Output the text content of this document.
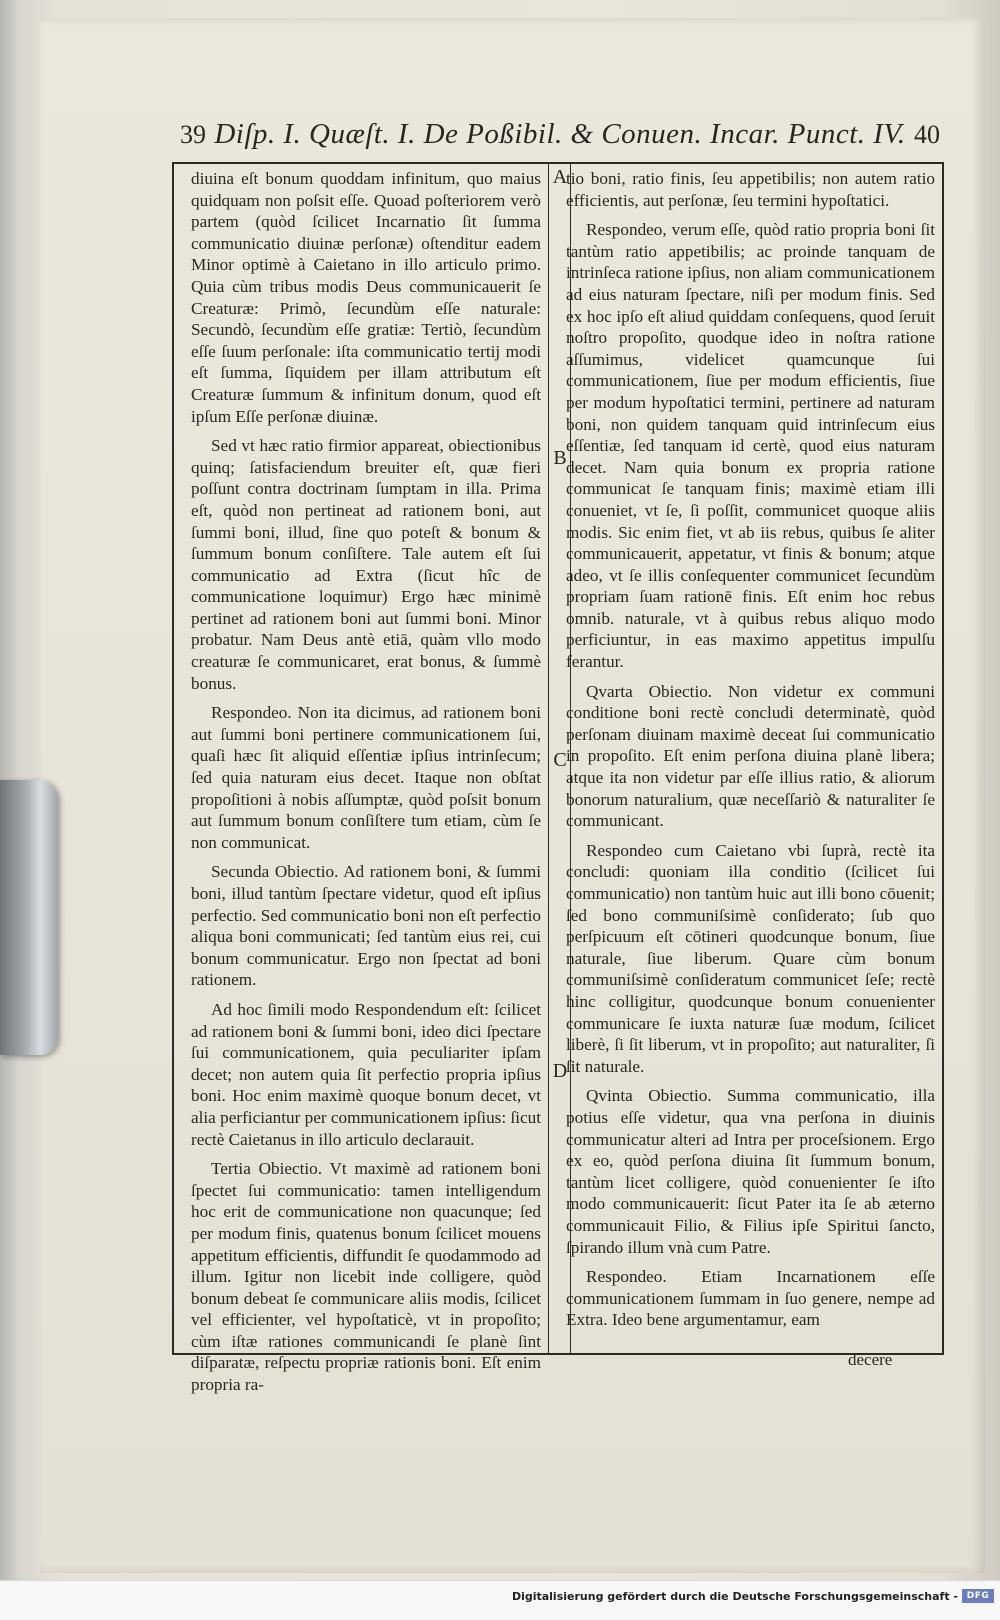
39 Diſp. I. Quæſt. I. De Poßibil. & Conuen. Incar. Punct. IV. 40
A
B
C
D

diuina eſt bonum quoddam infinitum, quo maius quidquam non poſsit eſſe. Quoad poſteriorem verò partem (quòd ſcilicet Incarnatio ſit ſumma communicatio diuinæ perſonæ) oſtenditur eadem Minor optimè à Caietano in illo articulo primo. Quia cùm tribus modis Deus communicauerit ſe Creaturæ: Primò, ſecundùm eſſe naturale: Secundò, ſecundùm eſſe gratiæ: Tertiò, ſecundùm eſſe ſuum perſonale: iſta communicatio tertij modi eſt ſumma, ſiquidem per illam attributum eſt Creaturæ ſummum & infinitum donum, quod eſt ipſum Eſſe perſonæ diuinæ.

Sed vt hæc ratio firmior appareat, obiectionibus quinq; ſatisfaciendum breuiter eſt, quæ fieri poſſunt contra doctrinam ſumptam in illa. Prima eſt, quòd non pertineat ad rationem boni, aut ſummi boni, illud, ſine quo poteſt & bonum & ſummum bonum conſiſtere. Tale autem eſt ſui communicatio ad Extra (ſicut hîc de communicatione loquimur) Ergo hæc minimè pertinet ad rationem boni aut ſummi boni. Minor probatur. Nam Deus antè etiā, quàm vllo modo creaturæ ſe communicaret, erat bonus, & ſummè bonus.

Respondeo. Non ita dicimus, ad rationem boni aut ſummi boni pertinere communicationem ſui, quaſi hæc ſit aliquid eſſentiæ ipſius intrinſecum; ſed quia naturam eius decet. Itaque non obſtat propoſitioni à nobis aſſumptæ, quòd poſsit bonum aut ſummum bonum conſiſtere tum etiam, cùm ſe non communicat.

Secunda Obiectio. Ad rationem boni, & ſummi boni, illud tantùm ſpectare videtur, quod eſt ipſius perfectio. Sed communicatio boni non eſt perfectio aliqua boni communicati; ſed tantùm eius rei, cui bonum communicatur. Ergo non ſpectat ad boni rationem.

Ad hoc ſimili modo Respondendum eſt: ſcilicet ad rationem boni & ſummi boni, ideo dici ſpectare ſui communicationem, quia peculiariter ipſam decet; non autem quia ſit perfectio propria ipſius boni. Hoc enim maximè quoque bonum decet, vt alia perficiantur per communicationem ipſius: ſicut rectè Caietanus in illo articulo declarauit.

Tertia Obiectio. Vt maximè ad rationem boni ſpectet ſui communicatio: tamen intelligendum hoc erit de communicatione non quacunque; ſed per modum finis, quatenus bonum ſcilicet mouens appetitum efficientis, diffundit ſe quodammodo ad illum. Igitur non licebit inde colligere, quòd bonum debeat ſe communicare aliis modis, ſcilicet vel efficienter, vel hypoſtaticè, vt in propoſito; cùm iſtæ rationes communicandi ſe planè ſint diſparatæ, reſpectu propriæ rationis boni. Eſt enim propria ra-

tio boni, ratio finis, ſeu appetibilis; non autem ratio efficientis, aut perſonæ, ſeu termini hypoſtatici.

Respondeo, verum eſſe, quòd ratio propria boni ſit tantùm ratio appetibilis; ac proinde tanquam de intrinſeca ratione ipſius, non aliam communicationem ad eius naturam ſpectare, niſi per modum finis. Sed ex hoc ipſo eſt aliud quiddam conſequens, quod ſeruit noſtro propoſito, quodque ideo in noſtra ratione aſſumimus, videlicet quamcunque ſui communicationem, ſiue per modum efficientis, ſiue per modum hypoſtatici termini, pertinere ad naturam boni, non quidem tanquam quid intrinſecum eius eſſentiæ, ſed tanquam id certè, quod eius naturam decet. Nam quia bonum ex propria ratione communicat ſe tanquam finis; maximè etiam illi conueniet, vt ſe, ſi poſſit, communicet quoque aliis modis. Sic enim fiet, vt ab iis rebus, quibus ſe aliter communicauerit, appetatur, vt finis & bonum; atque adeo, vt ſe illis conſequenter communicet ſecundùm propriam ſuam rationē finis. Eſt enim hoc rebus omnib. naturale, vt à quibus rebus aliquo modo perficiuntur, in eas maximo appetitus impulſu ferantur.

Qvarta Obiectio. Non videtur ex communi conditione boni rectè concludi determinatè, quòd perſonam diuinam maximè deceat ſui communicatio in propoſito. Eſt enim perſona diuina planè libera; atque ita non videtur par eſſe illius ratio, & aliorum bonorum naturalium, quæ neceſſariò & naturaliter ſe communicant.

Respondeo cum Caietano vbi ſuprà, rectè ita concludi: quoniam illa conditio (ſcilicet ſui communicatio) non tantùm huic aut illi bono cōuenit; ſed bono communiſsimè conſiderato; ſub quo perſpicuum eſt cōtineri quodcunque bonum, ſiue naturale, ſiue liberum. Quare cùm bonum communiſsimè conſideratum communicet ſeſe; rectè hinc colligitur, quodcunque bonum conuenienter communicare ſe iuxta naturæ ſuæ modum, ſcilicet liberè, ſi ſit liberum, vt in propoſito; aut naturaliter, ſi ſit naturale.

Qvinta Obiectio. Summa communicatio, illa potius eſſe videtur, qua vna perſona in diuinis communicatur alteri ad Intra per proceſsionem. Ergo ex eo, quòd perſona diuina ſit ſummum bonum, tantùm licet colligere, quòd conuenienter ſe iſto modo communicauerit: ſicut Pater ita ſe ab æterno communicauit Filio, & Filius ipſe Spiritui ſancto, ſpirando illum vnà cum Patre.

Respondeo. Etiam Incarnationem eſſe communicationem ſummam in ſuo genere, nempe ad Extra. Ideo bene argumentamur, eam

decere
Digitalisierung gefördert durch die Deutsche Forschungsgemeinschaft - DFG
